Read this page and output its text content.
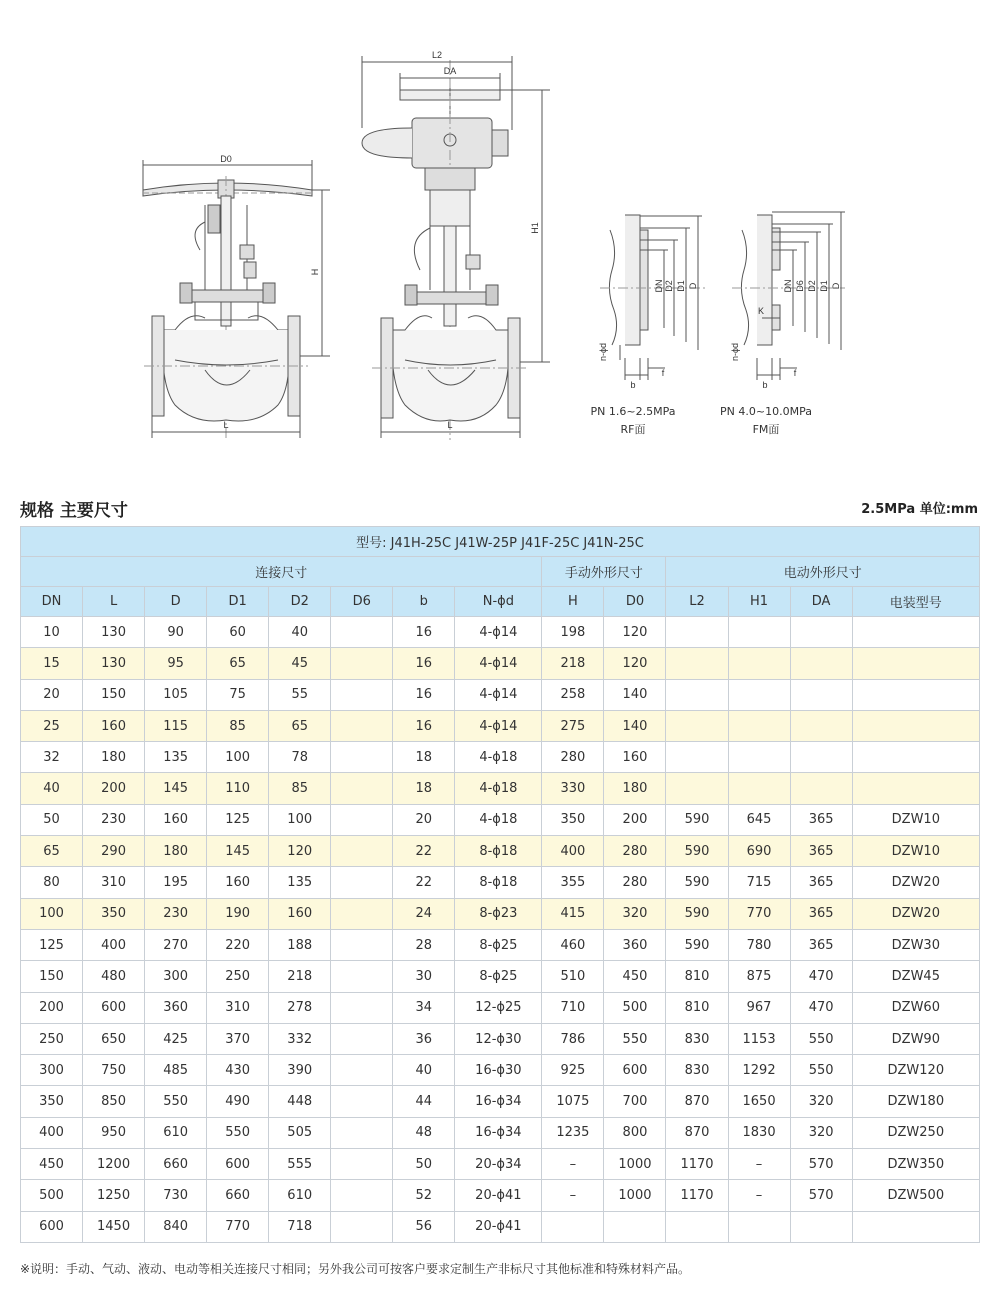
D0
H
L
L2
DA
H1
L
DN D2 D1 D
n-ϕd
b
f
DN D6 D2 D1 D
K
n-ϕd
b
f
PN 1.6~2.5MPa
RF面
PN 4.0~10.0MPa
FM面
规格 主要尺寸	2.5MPa 单位:mm
型号: J41H-25C J41W-25P J41F-25C J41N-25C													
连接尺寸								手动外形尺寸		电动外形尺寸			
DN	L	D	D1	D2	D6	b	N-ϕd	H	D0	L2	H1	DA	电装型号
10	130	90	60	40		16	4-ϕ14	198	120				
15	130	95	65	45		16	4-ϕ14	218	120				
20	150	105	75	55		16	4-ϕ14	258	140				
25	160	115	85	65		16	4-ϕ14	275	140				
32	180	135	100	78		18	4-ϕ18	280	160				
40	200	145	110	85		18	4-ϕ18	330	180				
50	230	160	125	100		20	4-ϕ18	350	200	590	645	365	DZW10
65	290	180	145	120		22	8-ϕ18	400	280	590	690	365	DZW10
80	310	195	160	135		22	8-ϕ18	355	280	590	715	365	DZW20
100	350	230	190	160		24	8-ϕ23	415	320	590	770	365	DZW20
125	400	270	220	188		28	8-ϕ25	460	360	590	780	365	DZW30
150	480	300	250	218		30	8-ϕ25	510	450	810	875	470	DZW45
200	600	360	310	278		34	12-ϕ25	710	500	810	967	470	DZW60
250	650	425	370	332		36	12-ϕ30	786	550	830	1153	550	DZW90
300	750	485	430	390		40	16-ϕ30	925	600	830	1292	550	DZW120
350	850	550	490	448		44	16-ϕ34	1075	700	870	1650	320	DZW180
400	950	610	550	505		48	16-ϕ34	1235	800	870	1830	320	DZW250
450	1200	660	600	555		50	20-ϕ34	–	1000	1170	–	570	DZW350
500	1250	730	660	610		52	20-ϕ41	–	1000	1170	–	570	DZW500
600	1450	840	770	718		56	20-ϕ41						
※说明：手动、气动、液动、电动等相关连接尺寸相同；另外我公司可按客户要求定制生产非标尺寸其他标准和特殊材料产品。
